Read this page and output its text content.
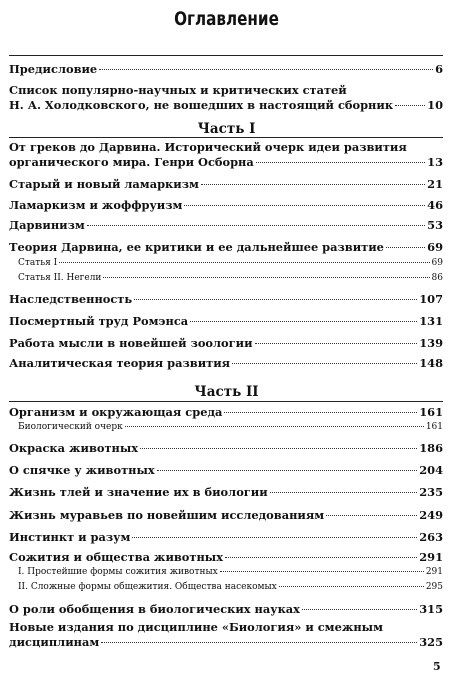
Оглавление
Предисловие	6
Список популярно-научных и критических статей
Н. А. Холодковского, не вошедших в настоящий сборник	10
Часть I
От греков до Дарвина. Исторический очерк идеи развития
органического мира. Генри Осборна	13
Старый и новый ламаркизм	21
Ламаркизм и жоффруизм	46
Дарвинизм	53
Теория Дарвина, ее критики и ее дальнейшее развитие	69
Статья I	69
Статья II. Негели	86
Наследственность	107
Посмертный труд Ромэнса	131
Работа мысли в новейшей зоологии	139
Аналитическая теория развития	148
Часть II
Организм и окружающая среда	161
Биологический очерк	161
Окраска животных	186
О спячке у животных	204
Жизнь тлей и значение их в биологии	235
Жизнь муравьев по новейшим исследованиям	249
Инстинкт и разум	263
Сожития и общества животных	291
I. Простейшие формы сожития животных	291
II. Сложные формы общежития. Общества насекомых	295
О роли обобщения в биологических науках	315
Новые издания по дисциплине «Биология» и смежным
дисциплинам	325
5
